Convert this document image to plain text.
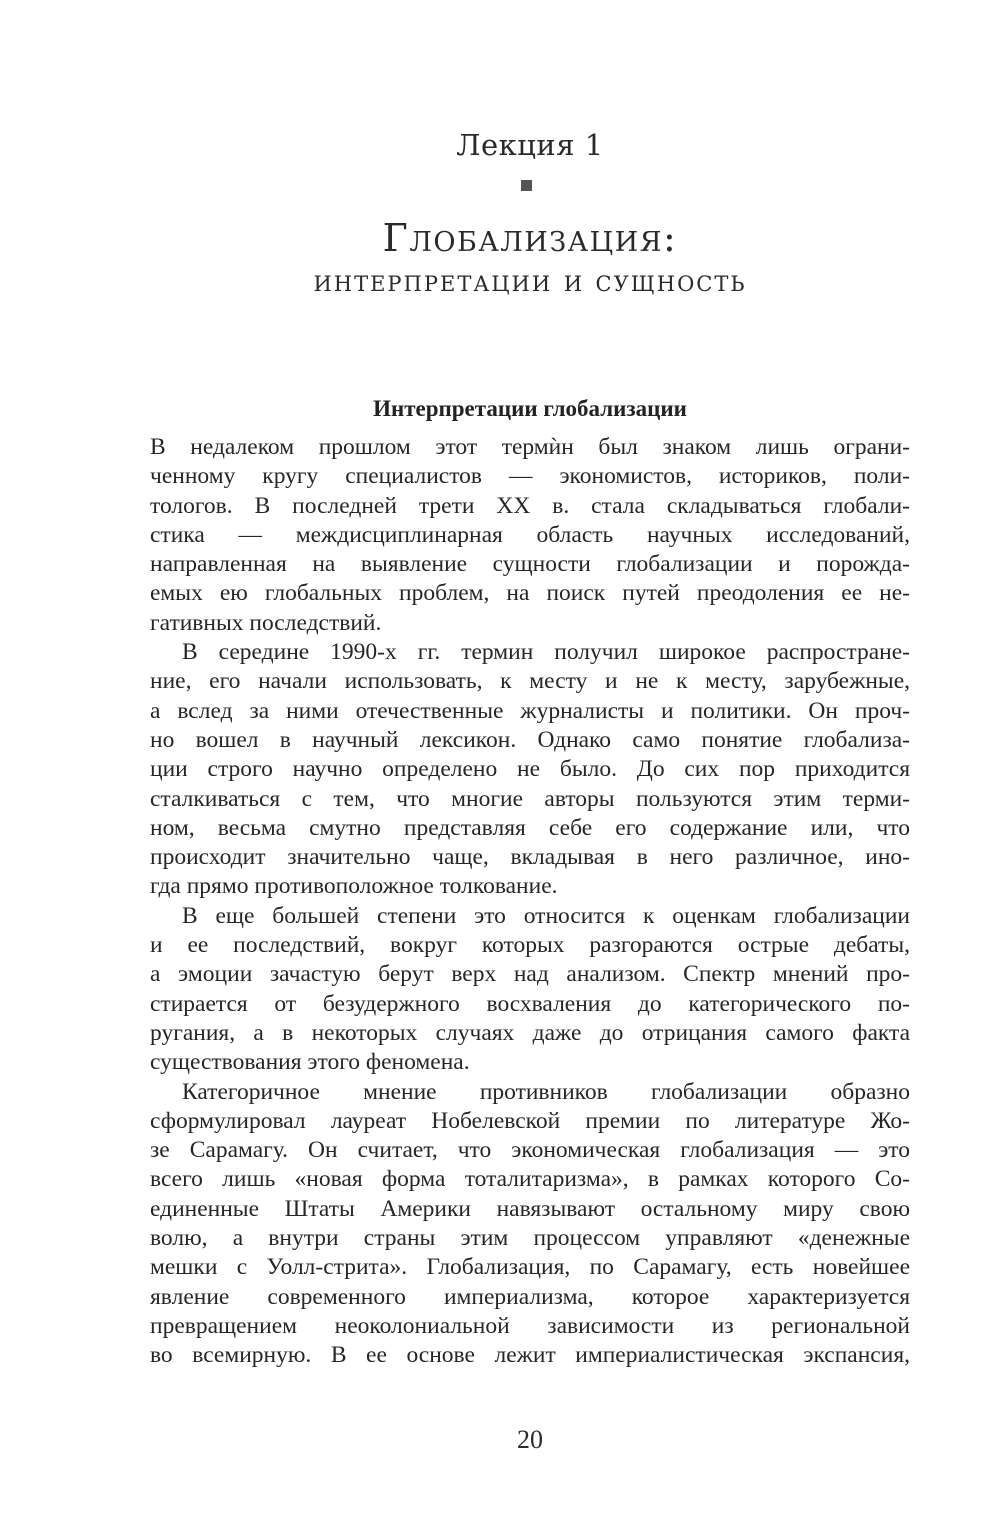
Лекция 1
Глобализация:
интерпретации и сущность
Интерпретации глобализации
В недалеком прошлом этот термѝн был знаком лишь ограни-
ченному кругу специалистов — экономистов, историков, поли-
тологов. В последней трети XX в. стала складываться глобали-
стика — междисциплинарная область научных исследований,
направленная на выявление сущности глобализации и порожда-
емых ею глобальных проблем, на поиск путей преодоления ее не-
гативных последствий.
В середине 1990-х гг. термин получил широкое распростране-
ние, его начали использовать, к месту и не к месту, зарубежные,
а вслед за ними отечественные журналисты и политики. Он проч-
но вошел в научный лексикон. Однако само понятие глобализа-
ции строго научно определено не было. До сих пор приходится
сталкиваться с тем, что многие авторы пользуются этим терми-
ном, весьма смутно представляя себе его содержание или, что
происходит значительно чаще, вкладывая в него различное, ино-
гда прямо противоположное толкование.
В еще большей степени это относится к оценкам глобализации
и ее последствий, вокруг которых разгораются острые дебаты,
а эмоции зачастую берут верх над анализом. Спектр мнений про-
стирается от безудержного восхваления до категорического по-
ругания, а в некоторых случаях даже до отрицания самого факта
существования этого феномена.
Категоричное мнение противников глобализации образно
сформулировал лауреат Нобелевской премии по литературе Жо-
зе Сарамагу. Он считает, что экономическая глобализация — это
всего лишь «новая форма тоталитаризма», в рамках которого Со-
единенные Штаты Америки навязывают остальному миру свою
волю, а внутри страны этим процессом управляют «денежные
мешки с Уолл-стрита». Глобализация, по Сарамагу, есть новейшее
явление современного империализма, которое характеризуется
превращением неоколониальной зависимости из региональной
во всемирную. В ее основе лежит империалистическая экспансия,
20
